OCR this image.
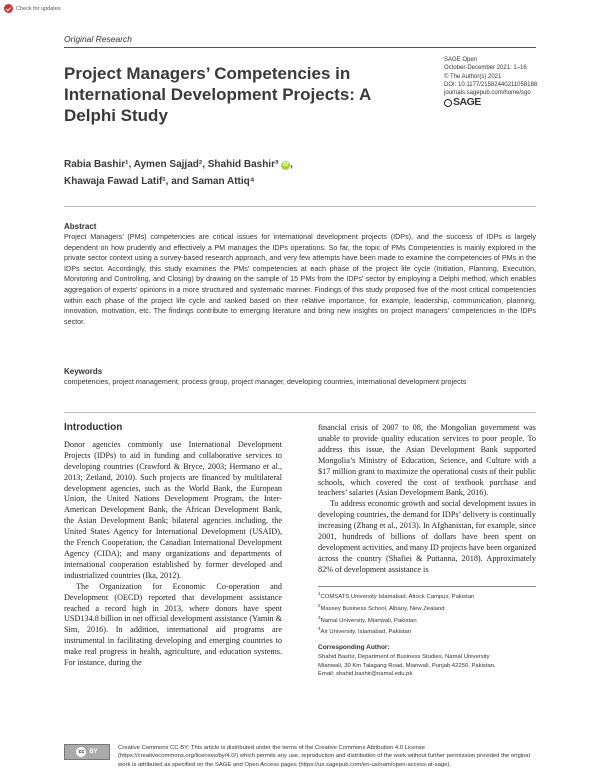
Check for updates
Original Research
Project Managers’ Competencies in International Development Projects: A Delphi Study
SAGE Open
October-December 2021: 1–16
© The Author(s) 2021
DOI: 10.1177/21582440211058188
journals.sagepub.com/home/sgo
SAGE
Rabia Bashir¹, Aymen Sajjad², Shahid Bashir³ iD ,
Khawaja Fawad Latif¹, and Saman Attiq⁴
Abstract

Project Managers’ (PMs) competencies are critical issues for international development projects (IDPs), and the success of IDPs is largely dependent on how prudently and effectively a PM manages the IDPs operations. So far, the topic of PMs Competencies is mainly explored in the private sector context using a survey-based research approach, and very few attempts have been made to examine the competencies of PMs in the IDPs sector. Accordingly, this study examines the PMs’ competencies at each phase of the project life cycle (Initiation, Planning, Execution, Monitoring and Controlling, and Closing) by drawing on the sample of 15 PMs from the IDPs’ sector by employing a Delphi method, which enables aggregation of experts’ opinions in a more structured and systematic manner. Findings of this study proposed five of the most critical competencies within each phase of the project life cycle and ranked based on their relative importance, for example, leadership, communication, planning, innovation, motivation, etc. The findings contribute to emerging literature and bring new insights on project managers’ competencies in the IDPs sector.

Keywords

competencies, project management, process group, project manager, developing countries, international development projects

Introduction

Donor agencies commonly use International Development Projects (IDPs) to aid in funding and collaborative services to developing countries (Crawford & Bryce, 2003; Hermano et al., 2013; Zetland, 2010). Such projects are financed by multilateral development agencies, such as the World Bank, the European Union, the United Nations Development Program, the Inter-American Development Bank, the African Development Bank, the Asian Development Bank; bilateral agencies including, the United States Agency for International Development (USAID), the French Cooperation, the Canadian International Development Agency (CIDA); and many organizations and departments of international cooperation established by former developed and industrialized countries (Ika, 2012).

The Organization for Economic Co-operation and Development (OECD) reported that development assistance reached a record high in 2013, where donors have spent USD134.8 billion in net official development assistance (Yamin & Sim, 2016). In addition, international aid programs are instrumental in facilitating developing and emerging countries to make real progress in health, agriculture, and education systems. For instance, during the

financial crisis of 2007 to 08, the Mongolian government was unable to provide quality education services to poor people. To address this issue, the Asian Development Bank supported Mongolia’s Ministry of Education, Science, and Culture with a $17 million grant to maximize the operational costs of their public schools, which covered the cost of textbook purchase and teachers’ salaries (Asian Development Bank, 2016).

To address economic growth and social development issues in developing countries, the demand for IDPs’ delivery is continually increasing (Zhang et al., 2013). In Afghanistan, for example, since 2001, hundreds of billions of dollars have been spent on development activities, and many ID projects have been organized across the country (Shafiei & Puttanna, 2018). Approximately 82% of development assistance is

$^1$COMSATS University Islamabad, Attock Campus, Pakistan
$^2$Massey Business School, Albany, New Zealand
$^3$Namal University, Mianwali, Pakistan
$^4$Air University, Islamabad, Pakistan
Corresponding Author:
Shahid Bashir, Department of Business Studies, Namal University
Mianwali, 30 Km Talagang Road, Mianwali, Punjab 42250, Pakistan.
Email: shahid.bashir@namal.edu.pk
cc BY

Creative Commons CC BY: This article is distributed under the terms of the Creative Commons Attribution 4.0 License (https://creativecommons.org/licenses/by/4.0/) which permits any use, reproduction and distribution of the work without further permission provided the original work is attributed as specified on the SAGE and Open Access pages (https://us.sagepub.com/en-us/nam/open-access-at-sage).
